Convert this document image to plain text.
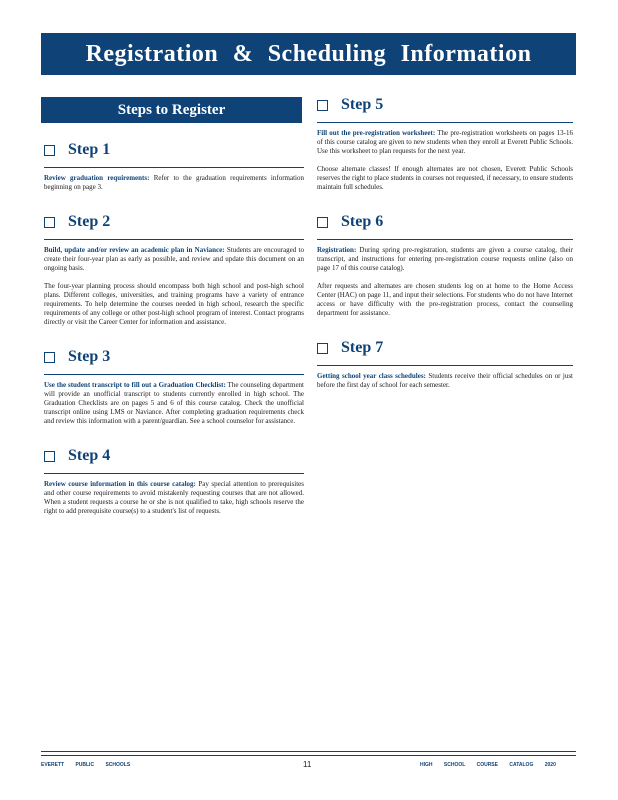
Registration & Scheduling Information
Steps to Register
Step 1

Review graduation requirements: Refer to the graduation requirements information beginning on page 3.

Step 2

Build, update and/or review an academic plan in Naviance: Students are encouraged to create their four-year plan as early as possible, and review and update this document on an ongoing basis.

The four-year planning process should encompass both high school and post-high school plans. Different colleges, universities, and training programs have a variety of entrance requirements. To help determine the courses needed in high school, research the specific requirements of any college or other post-high school program of interest. Contact programs directly or visit the Career Center for information and assistance.

Step 3

Use the student transcript to fill out a Graduation Checklist: The counseling department will provide an unofficial transcript to students currently enrolled in high school. The Graduation Checklists are on pages 5 and 6 of this course catalog. Check the unofficial transcript online using LMS or Naviance. After completing graduation requirements check and review this information with a parent/guardian. See a school counselor for assistance.

Step 4

Review course information in this course catalog: Pay special attention to prerequisites and other course requirements to avoid mistakenly requesting courses that are not allowed. When a student requests a course he or she is not qualified to take, high schools reserve the right to add prerequisite course(s) to a student's list of requests.

Step 5

Fill out the pre-registration worksheet: The pre-registration worksheets on pages 13-16 of this course catalog are given to new students when they enroll at Everett Public Schools. Use this worksheet to plan requests for the next year.

Choose alternate classes! If enough alternates are not chosen, Everett Public Schools reserves the right to place students in courses not requested, if necessary, to ensure students maintain full schedules.

Step 6

Registration: During spring pre-registration, students are given a course catalog, their transcript, and instructions for entering pre-registration course requests online (also on page 17 of this course catalog).

After requests and alternates are chosen students log on at home to the Home Access Center (HAC) on page 11, and input their selections. For students who do not have Internet access or have difficulty with the pre-registration process, contact the counseling department for assistance.

Step 7

Getting school year class schedules: Students receive their official schedules on or just before the first day of school for each semester.

EVERETT PUBLIC SCHOOLS	11	HIGH SCHOOL COURSE CATALOG 2020
